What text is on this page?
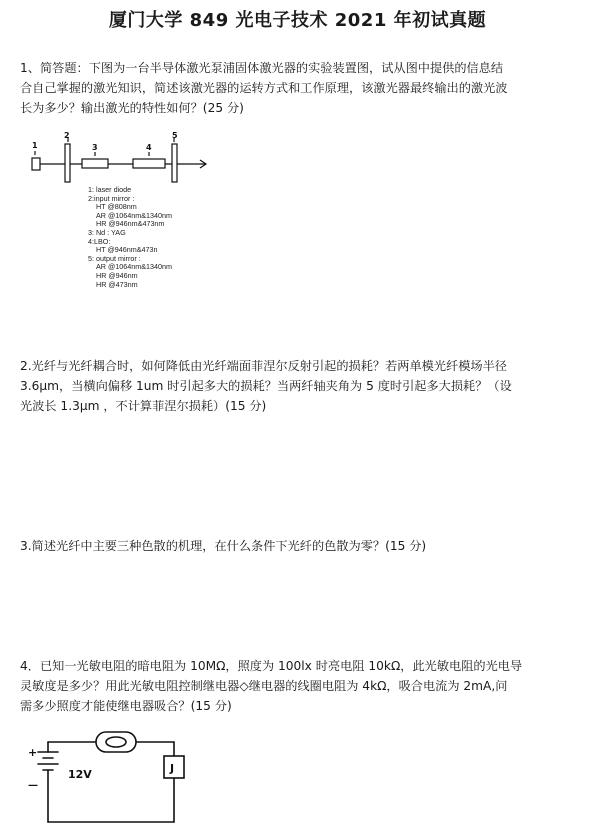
厦门大学 849 光电子技术 2021 年初试真题

1、简答题：下图为一台半导体激光泵浦固体激光器的实验装置图，试从图中提供的信息结

合自己掌握的激光知识，简述该激光器的运转方式和工作原理，该激光器最终输出的激光波

长为多少？输出激光的特性如何？(25 分)

1
2
3	4
5
1: laser diode
2:input mirror :
HT @808nm
AR @1064nm&1340nm
HR @946nm&473nm
3: Nd : YAG
4:LBO:
HT @946nm&473n
5: output mirror :
AR @1064nm&1340nm
HR @946nm
HR @473nm

2.光纤与光纤耦合时，如何降低由光纤端面菲涅尔反射引起的损耗？若两单模光纤模场半径

3.6μm，当横向偏移 1um 时引起多大的损耗？当两纤轴夹角为 5 度时引起多大损耗？（设

光波长 1.3μm ，不计算菲涅尔损耗）(15 分)

3.简述光纤中主要三种色散的机理，在什么条件下光纤的色散为零？(15 分)

4．已知一光敏电阻的暗电阻为 10MΩ，照度为 100lx 时亮电阻 10kΩ，此光敏电阻的光电导

灵敏度是多少？用此光敏电阻控制继电器◇继电器的线圈电阻为 4kΩ，吸合电流为 2mA,问

需多少照度才能使继电器吸合？(15 分)

+
—
12V	J
